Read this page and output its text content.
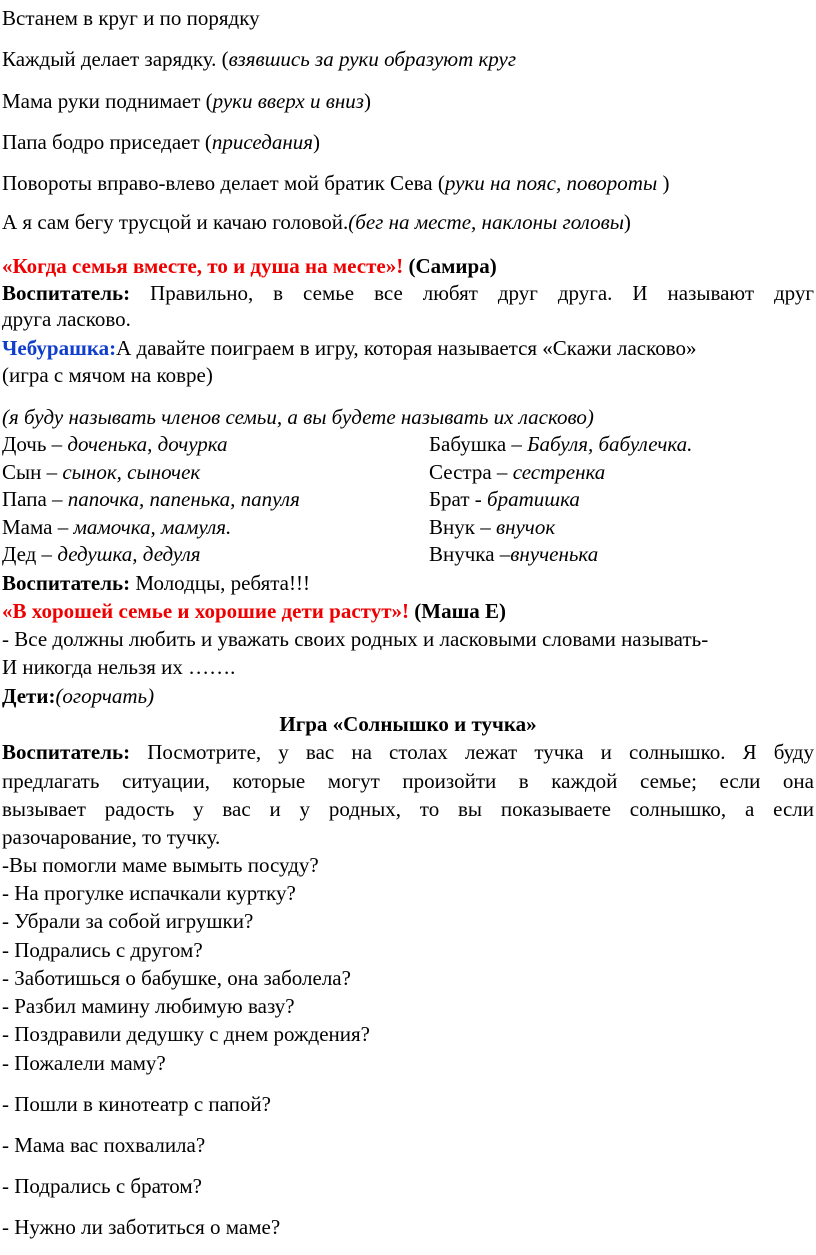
Встанем в круг и по порядку
Каждый делает зарядку. (взявшись за руки образуют круг
Мама руки поднимает (руки вверх и вниз)
Папа бодро приседает (приседания)
Повороты вправо-влево делает мой братик Сева (руки на пояс, повороты )
А я сам бегу трусцой и качаю головой.(бег на месте, наклоны головы)
«Когда семья вместе, то и душа на месте»! (Самира)
Воспитатель: Правильно, в семье все любят друг друга. И называют друг
друга ласково.
Чебурашка:А давайте поиграем в игру, которая называется «Скажи ласково»
(игра с мячом на ковре)
(я буду называть членов семьи, а вы будете называть их ласково)
Дочь – доченька, дочурка	Бабушка – Бабуля, бабулечка.
Сын – сынок, сыночек	Сестра – сестренка
Папа – папочка, папенька, папуля	Брат - братишка
Мама – мамочка, мамуля.	Внук – внучок
Дед – дедушка, дедуля	Внучка –внученька
Воспитатель: Молодцы, ребята!!!
«В хорошей семье и хорошие дети растут»! (Маша Е)
- Все должны любить и уважать своих родных и ласковыми словами называть-
И никогда нельзя их …….
Дети:(огорчать)
Игра «Солнышко и тучка»
Воспитатель: Посмотрите, у вас на столах лежат тучка и солнышко. Я буду
предлагать ситуации, которые могут произойти в каждой семье; если она
вызывает радость у вас и у родных, то вы показываете солнышко, а если
разочарование, то тучку.
-Вы помогли маме вымыть посуду?
- На прогулке испачкали куртку?
- Убрали за собой игрушки?
- Подрались с другом?
- Заботишься о бабушке, она заболела?
- Разбил мамину любимую вазу?
- Поздравили дедушку с днем рождения?
- Пожалели маму?
- Пошли в кинотеатр с папой?
- Мама вас похвалила?
- Подрались с братом?
- Нужно ли заботиться о маме?
